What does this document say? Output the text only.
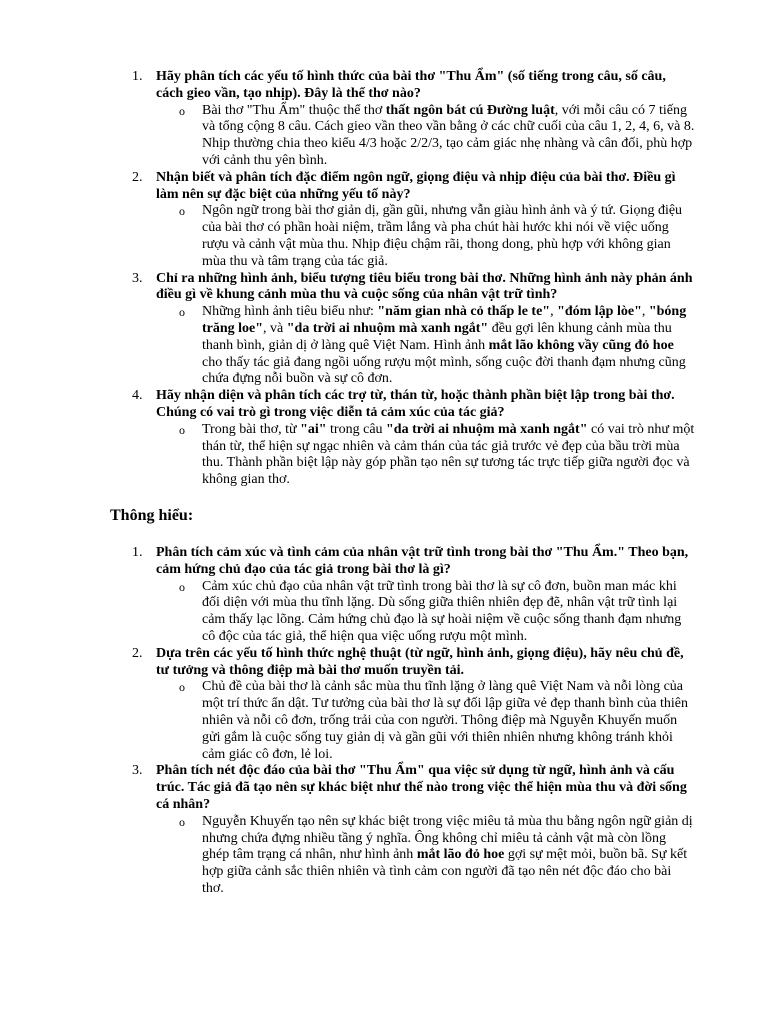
1. Hãy phân tích các yếu tố hình thức của bài thơ "Thu Ẩm" (số tiếng trong câu, số câu, cách gieo vần, tạo nhịp). Đây là thể thơ nào?
o Bài thơ "Thu Ẩm" thuộc thể thơ thất ngôn bát cú Đường luật, với mỗi câu có 7 tiếng và tổng cộng 8 câu. Cách gieo vần theo vần bằng ở các chữ cuối của câu 1, 2, 4, 6, và 8. Nhịp thường chia theo kiểu 4/3 hoặc 2/2/3, tạo cảm giác nhẹ nhàng và cân đối, phù hợp với cảnh thu yên bình.
2. Nhận biết và phân tích đặc điểm ngôn ngữ, giọng điệu và nhịp điệu của bài thơ. Điều gì làm nên sự đặc biệt của những yếu tố này?
o Ngôn ngữ trong bài thơ giản dị, gần gũi, nhưng vẫn giàu hình ảnh và ý tứ. Giọng điệu của bài thơ có phần hoài niệm, trầm lắng và pha chút hài hước khi nói về việc uống rượu và cảnh vật mùa thu. Nhịp điệu chậm rãi, thong dong, phù hợp với không gian mùa thu và tâm trạng của tác giả.
3. Chỉ ra những hình ảnh, biểu tượng tiêu biểu trong bài thơ. Những hình ảnh này phản ánh điều gì về khung cảnh mùa thu và cuộc sống của nhân vật trữ tình?
o Những hình ảnh tiêu biểu như: "năm gian nhà cỏ thấp le te", "đóm lập lòe", "bóng trăng loe", và "da trời ai nhuộm mà xanh ngắt" đều gợi lên khung cảnh mùa thu thanh bình, giản dị ở làng quê Việt Nam. Hình ảnh mắt lão không vầy cũng đỏ hoe cho thấy tác giả đang ngồi uống rượu một mình, sống cuộc đời thanh đạm nhưng cũng chứa đựng nỗi buồn và sự cô đơn.
4. Hãy nhận diện và phân tích các trợ từ, thán từ, hoặc thành phần biệt lập trong bài thơ. Chúng có vai trò gì trong việc diễn tả cảm xúc của tác giả?
o Trong bài thơ, từ "ai" trong câu "da trời ai nhuộm mà xanh ngắt" có vai trò như một thán từ, thể hiện sự ngạc nhiên và cảm thán của tác giả trước vẻ đẹp của bầu trời mùa thu. Thành phần biệt lập này góp phần tạo nên sự tương tác trực tiếp giữa người đọc và không gian thơ.
Thông hiểu:
1. Phân tích cảm xúc và tình cảm của nhân vật trữ tình trong bài thơ "Thu Ẩm." Theo bạn, cảm hứng chủ đạo của tác giả trong bài thơ là gì?
o Cảm xúc chủ đạo của nhân vật trữ tình trong bài thơ là sự cô đơn, buồn man mác khi đối diện với mùa thu tĩnh lặng. Dù sống giữa thiên nhiên đẹp đẽ, nhân vật trữ tình lại cảm thấy lạc lõng. Cảm hứng chủ đạo là sự hoài niệm về cuộc sống thanh đạm nhưng cô độc của tác giả, thể hiện qua việc uống rượu một mình.
2. Dựa trên các yếu tố hình thức nghệ thuật (từ ngữ, hình ảnh, giọng điệu), hãy nêu chủ đề, tư tưởng và thông điệp mà bài thơ muốn truyền tải.
o Chủ đề của bài thơ là cảnh sắc mùa thu tĩnh lặng ở làng quê Việt Nam và nỗi lòng của một trí thức ẩn dật. Tư tưởng của bài thơ là sự đối lập giữa vẻ đẹp thanh bình của thiên nhiên và nỗi cô đơn, trống trải của con người. Thông điệp mà Nguyễn Khuyến muốn gửi gắm là cuộc sống tuy giản dị và gần gũi với thiên nhiên nhưng không tránh khỏi cảm giác cô đơn, lẻ loi.
3. Phân tích nét độc đáo của bài thơ "Thu Ẩm" qua việc sử dụng từ ngữ, hình ảnh và cấu trúc. Tác giả đã tạo nên sự khác biệt như thế nào trong việc thể hiện mùa thu và đời sống cá nhân?
o Nguyễn Khuyến tạo nên sự khác biệt trong việc miêu tả mùa thu bằng ngôn ngữ giản dị nhưng chứa đựng nhiều tầng ý nghĩa. Ông không chỉ miêu tả cảnh vật mà còn lồng ghép tâm trạng cá nhân, như hình ảnh mắt lão đỏ hoe gợi sự mệt mỏi, buồn bã. Sự kết hợp giữa cảnh sắc thiên nhiên và tình cảm con người đã tạo nên nét độc đáo cho bài thơ.
